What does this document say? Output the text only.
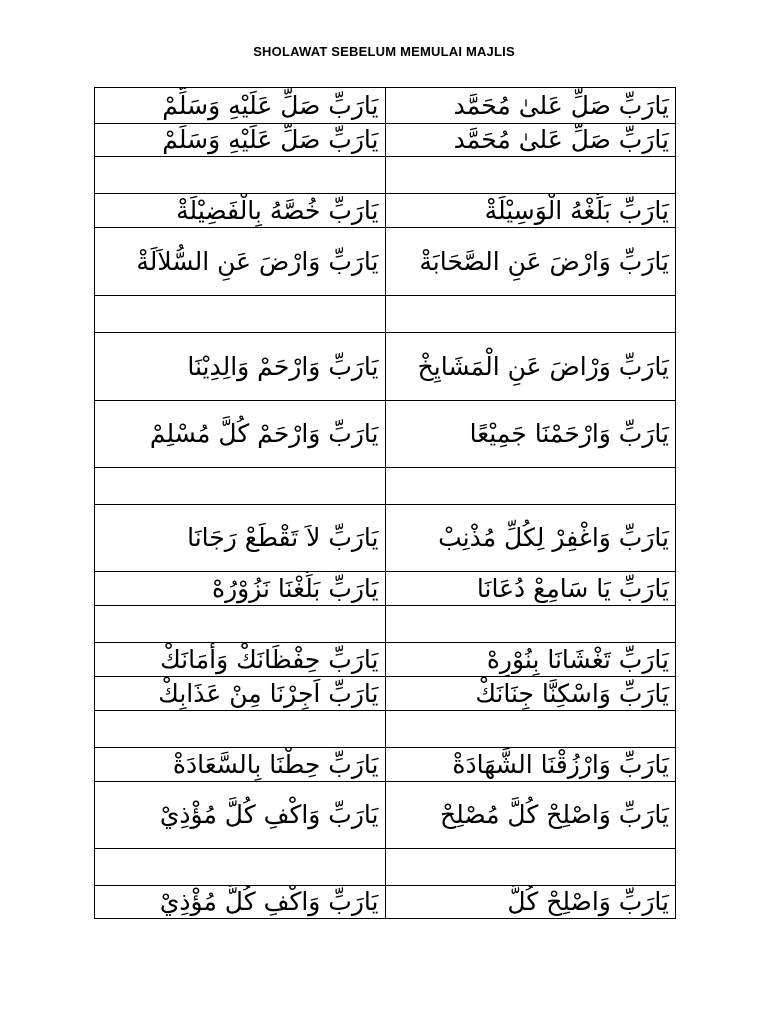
SHOLAWAT SEBELUM MEMULAI MAJLIS
يَارَبِّ صَلِّ عَلَيْهِ وَسَلِّمْ	يَارَبِّ صَلِّ عَلىٰ مُحَمَّد
يَارَبِّ صَلِّ عَلَيْهِ وَسَلِّمْ	يَارَبِّ صَلِّ عَلىٰ مُحَمَّد

يَارَبِّ خُصَّهُ بِالْفَضِيْلَةْ	يَارَبِّ بَلِّغْهُ الْوَسِيْلَةْ
يَارَبِّ وَارْضَ عَنِ السُّلاَلَةْ	يَارَبِّ وَارْضَ عَنِ الصَّحَابَةْ

يَارَبِّ وَارْحَمْ وَالِدِيْنَا	يَارَبِّ وَرْاضَ عَنِ الْمَشَايِخْ
يَارَبِّ وَارْحَمْ كُلَّ مُسْلِمْ	يَارَبِّ وَارْحَمْنَا جَمِيْعًا

يَارَبِّ لاَ تَقْطَعْ رَجَانَا	يَارَبِّ وَاغْفِرْ لِكُلِّ مُذْنِبْ
يَارَبِّ بَلِّغْنَا نَزُوْرُهْ	يَارَبِّ يَا سَامِعْ دُعَانَا

يَارَبِّ حِفْظَانَكْ وَأَمَانَكْ	يَارَبِّ تَغْشَانَا بِنُوْرِهْ
يَارَبِّ اَجِرْنَا مِنْ عَذَابِكْ	يَارَبِّ وَاسْكِنَّا جِنَانَكْ

يَارَبِّ حِطْنَا بِالسَّعَادَةْ	يَارَبِّ وَارْزُقْنَا الشَّهَادَةْ
يَارَبِّ وَاكْفِ كُلَّ مُؤْذِيْ	يَارَبِّ وَاصْلِحْ كُلَّ مُصْلِحْ

يَارَبِّ وَاكْفِ كُلَّ مُؤْذِيْ	يَارَبِّ وَاصْلِحْ كُلَّ
